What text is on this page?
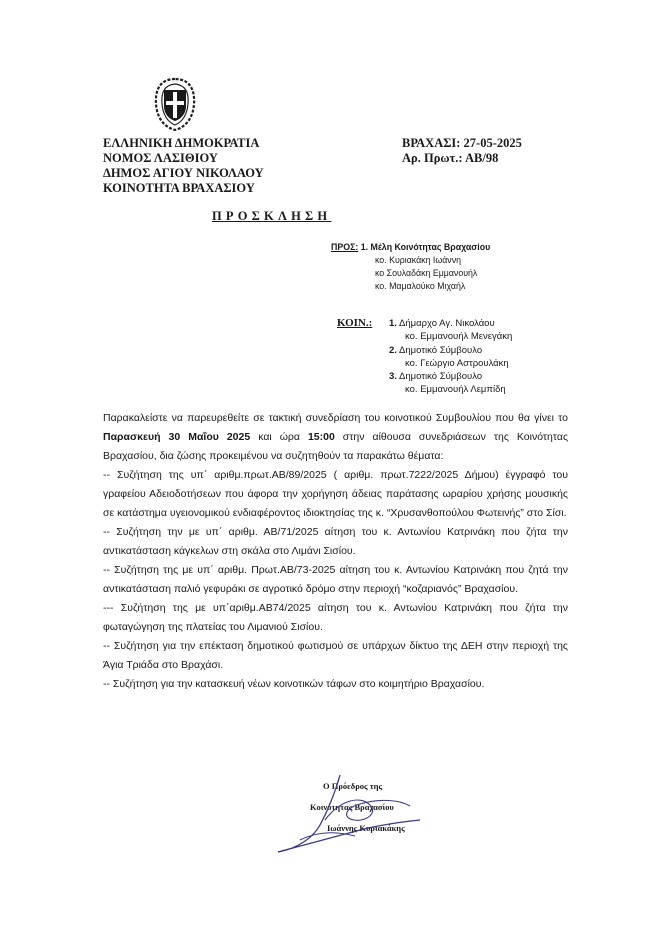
ΕΛΛΗΝΙΚΗ ΔΗΜΟΚΡΑΤΙΑ
ΝΟΜΟΣ ΛΑΣΙΘΙΟΥ
ΔΗΜΟΣ ΑΓΙΟΥ ΝΙΚΟΛΑΟΥ
ΚΟΙΝΟΤΗΤΑ ΒΡΑΧΑΣΙΟΥ
ΒΡΑΧΑΣΙ: 27-05-2025
Αρ. Πρωτ.: ΑΒ/98
ΠΡΟΣΚΛΗΣΗ
ΠΡΟΣ: 1. Μέλη Κοινότητας Βραχασίου
κο. Κυριακάκη Ιωάννη
κο Σουλαδάκη Εμμανουήλ
κο. Μαμαλούκο Μιχαήλ
ΚΟΙΝ.: 1. Δήμαρχο Αγ. Νικολάου
κο. Εμμανουήλ Μενεγάκη
2. Δημοτικό Σύμβουλο
κο. Γεώργιο Αστρουλάκη
3. Δημοτικό Σύμβουλο
κο. Εμμανουήλ Λεμπίδη

Παρακαλείστε να παρευρεθείτε σε τακτική συνεδρίαση του κοινοτικού Συμβουλίου που θα γίνει το Παρασκευή 30 Μαΐου 2025 και ώρα 15:00 στην αίθουσα συνεδριάσεων της Κοινότητας Βραχασίου, δια ζώσης προκειμένου να συζητηθούν τα παρακάτω θέματα:

-- Συζήτηση της υπ΄ αριθμ.πρωτ.ΑΒ/89/2025 ( αριθμ. πρωτ.7222/2025 Δήμου) έγγραφό του γραφείου Αδειοδοτήσεων που άφορα την χορήγηση άδειας παράτασης ωραρίου χρήσης μουσικής σε κατάστημα υγειονομικού ενδιαφέροντος ιδιοκτησίας της κ. “Χρυσανθοπούλου Φωτεινής” στο Σίσι.

-- Συζήτηση την με υπ΄ αριθμ. ΑΒ/71/2025 αίτηση του κ. Αντωνίου Κατρινάκη που ζήτα την αντικατάσταση κάγκελων στη σκάλα στο Λιμάνι Σισίου.

-- Συζήτηση της με υπ΄ αριθμ. Πρωτ.ΑΒ/73-2025 αίτηση του κ. Αντωνίου Κατρινάκη που ζητά την αντικατάσταση παλιό γεφυράκι σε αγροτικό δρόμο στην περιοχή “κοζαριανός” Βραχασίου.

--- Συζήτηση της με υπ΄αριθμ.ΑΒ74/2025 αίτηση του κ. Αντωνίου Κατρινάκη που ζήτα την φωταγώγηση της πλατείας του Λιμανιού Σισίου.

-- Συζήτηση για την επέκταση δημοτικού φωτισμού σε υπάρχων δίκτυο της ΔΕΗ στην περιοχή της Άγια Τριάδα στο Βραχάσι.

-- Συζήτηση για την κατασκευή νέων κοινοτικών τάφων στο κοιμητήριο Βραχασίου.

Ο Πρόεδρος της
Κοινότητας Βραχασίου
Ιωάννης Κυριακάκης
